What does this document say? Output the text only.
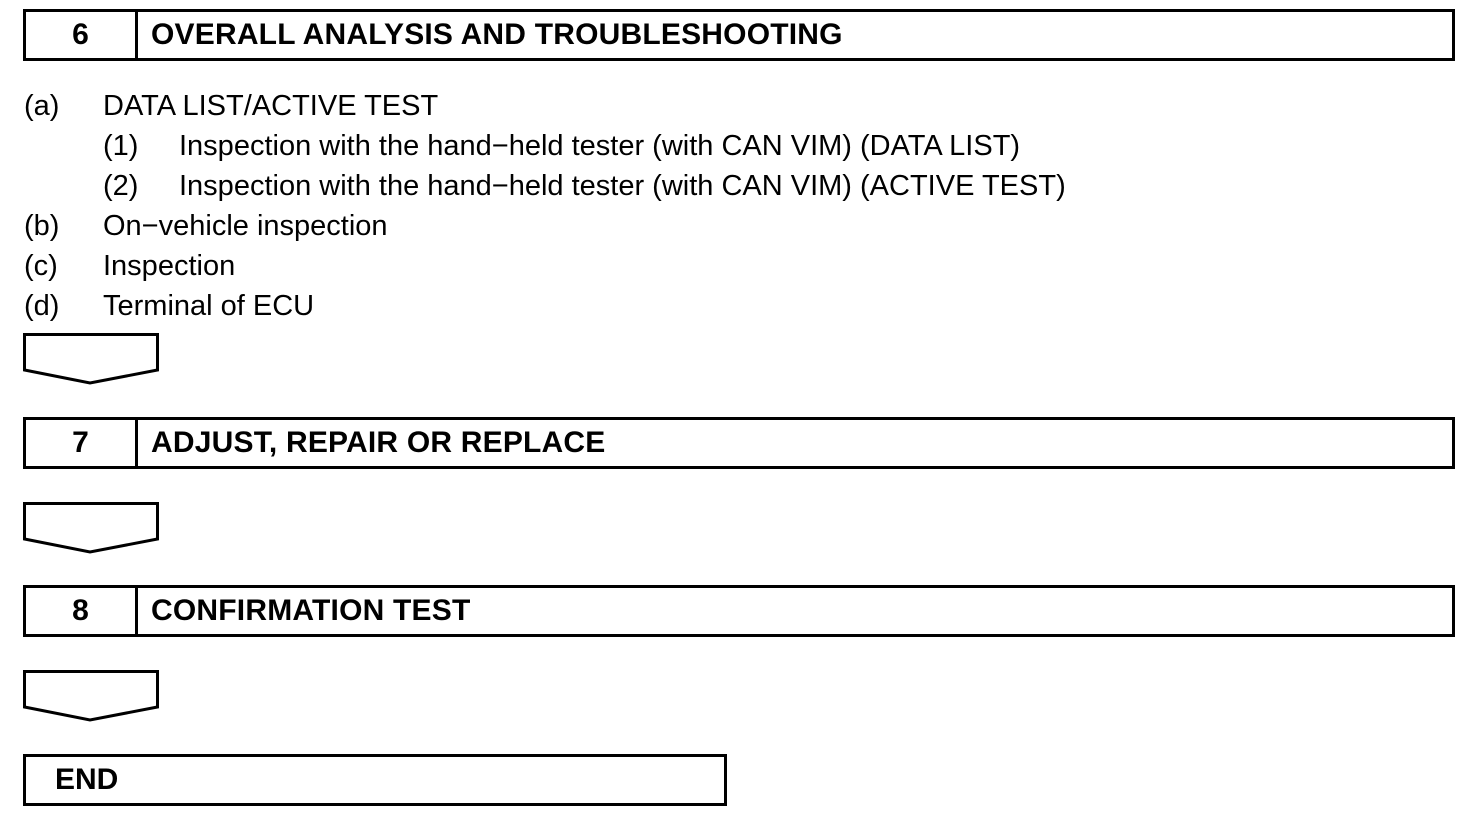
6	OVERALL ANALYSIS AND TROUBLESHOOTING
(a) DATA LIST/ACTIVE TEST
(1) Inspection with the hand−held tester (with CAN VIM) (DATA LIST)
(2) Inspection with the hand−held tester (with CAN VIM) (ACTIVE TEST)
(b) On−vehicle inspection
(c) Inspection
(d) Terminal of ECU
7	ADJUST, REPAIR OR REPLACE
8	CONFIRMATION TEST
END
